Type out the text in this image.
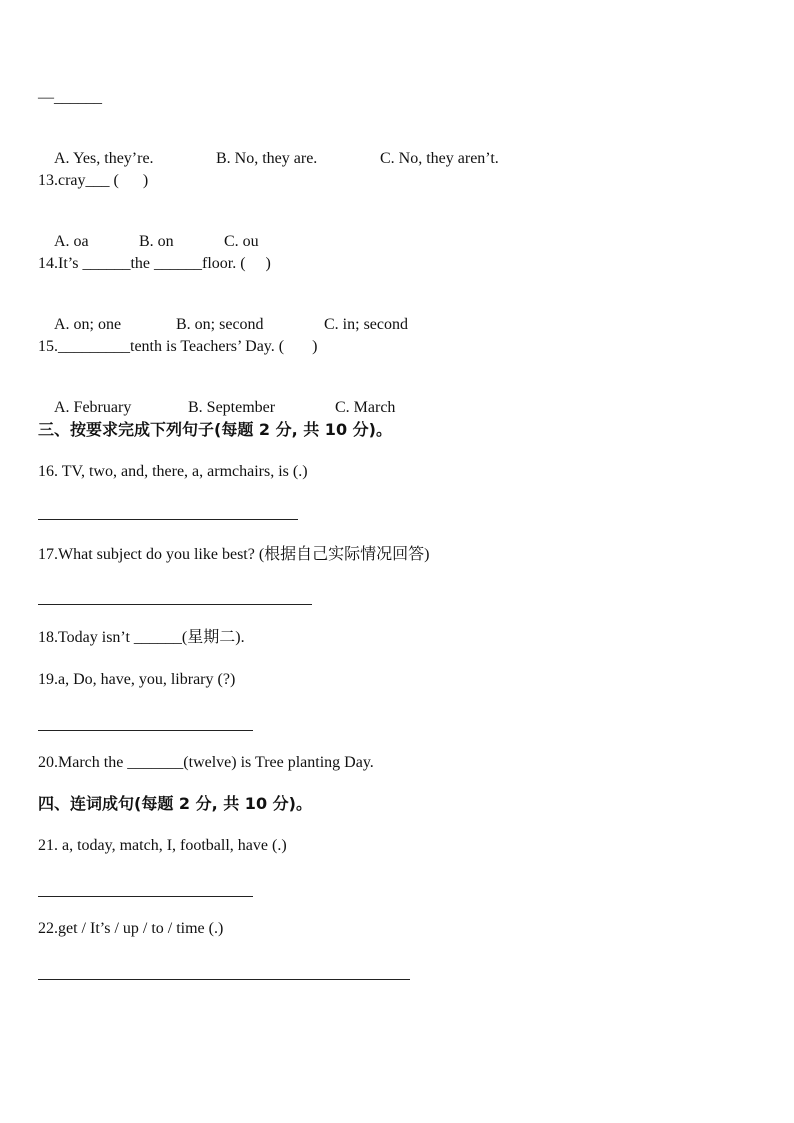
—______

A. Yes, they’re.	B. No, they are.	C. No, they aren’t.

13.cray___ (      )

A. oa	B. on	C. ou

14.It’s ______the ______floor. (     )

A. on; one	B. on; second	C. in; second

15._________tenth is Teachers’ Day. (       )

A. February	B. September	C. March

三、按要求完成下列句子(每题 2 分, 共 10 分)。
16. TV, two, and, there, a, armchairs, is (.)
17.What subject do you like best? (根据自己实际情况回答)
18.Today isn’t ______(星期二).
19.a, Do, have, you, library (?)
20.March the _______(twelve) is Tree planting Day.
四、连词成句(每题 2 分, 共 10 分)。
21. a, today, match, I, football, have (.)
22.get / It’s / up / to / time (.)
